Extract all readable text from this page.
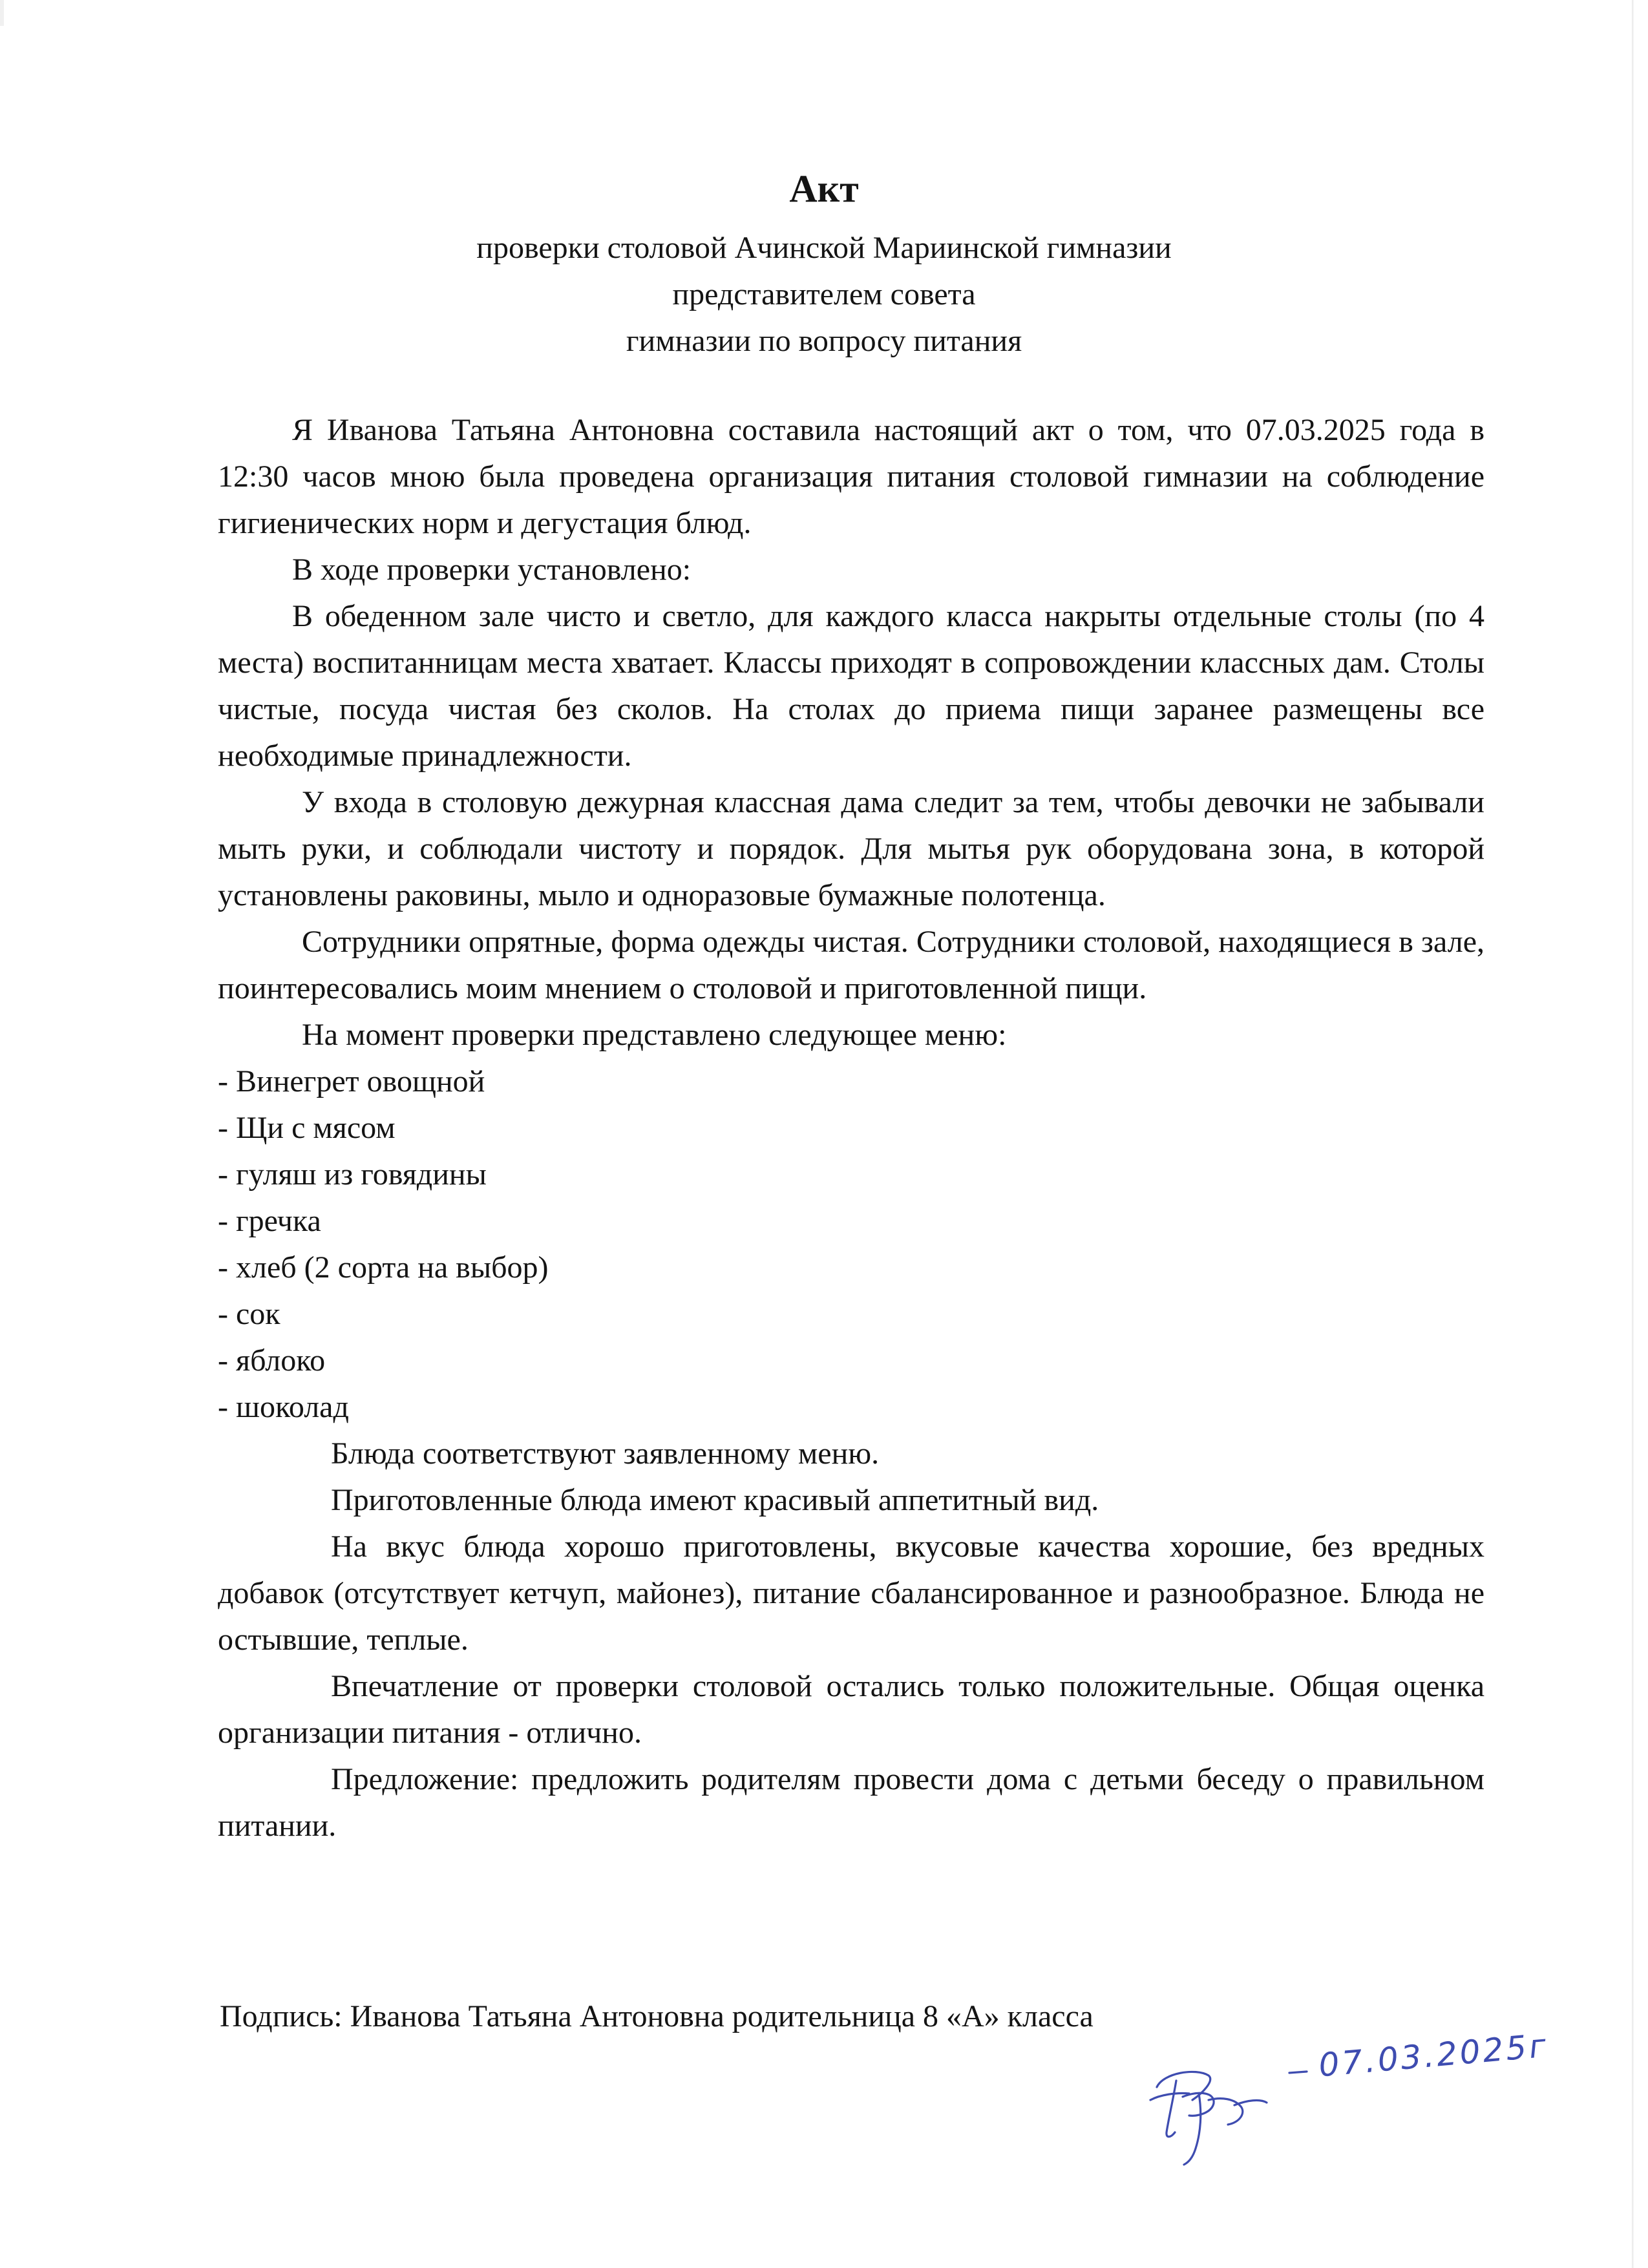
Акт

проверки столовой Ачинской Мариинской гимназии

представителем совета

гимназии по вопросу питания

Я Иванова Татьяна Антоновна составила настоящий акт о том, что 07.03.2025 года в 12:30 часов мною была проведена организация питания столовой гимназии на соблюдение гигиенических норм и дегустация блюд.

В ходе проверки установлено:

В обеденном зале чисто и светло, для каждого класса накрыты отдельные столы (по 4 места) воспитанницам места хватает. Классы приходят в сопровождении классных дам. Столы чистые, посуда чистая без сколов. На столах до приема пищи заранее размещены все необходимые принадлежности.

У входа в столовую дежурная классная дама следит за тем, чтобы девочки не забывали мыть руки, и соблюдали чистоту и порядок. Для мытья рук оборудована зона, в которой установлены раковины, мыло и одноразовые бумажные полотенца.

Сотрудники опрятные, форма одежды чистая. Сотрудники столовой, находящиеся в зале, поинтересовались моим мнением о столовой и приготовленной пищи.

На момент проверки представлено следующее меню:

- Винегрет овощной
- Щи с мясом
- гуляш из говядины
- гречка
- хлеб (2 сорта на выбор)
- сок
- яблоко
- шоколад

Блюда соответствуют заявленному меню.

Приготовленные блюда имеют красивый аппетитный вид.

На вкус блюда хорошо приготовлены, вкусовые качества хорошие, без вредных добавок (отсутствует кетчуп, майонез), питание сбалансированное и разнообразное. Блюда не остывшие, теплые.

Впечатление от проверки столовой остались только положительные. Общая оценка организации питания - отлично.

Предложение: предложить родителям провести дома с детьми беседу о правильном питании.

Подпись: Иванова Татьяна Антоновна родительница 8 «А» класса
07.03.2025г
